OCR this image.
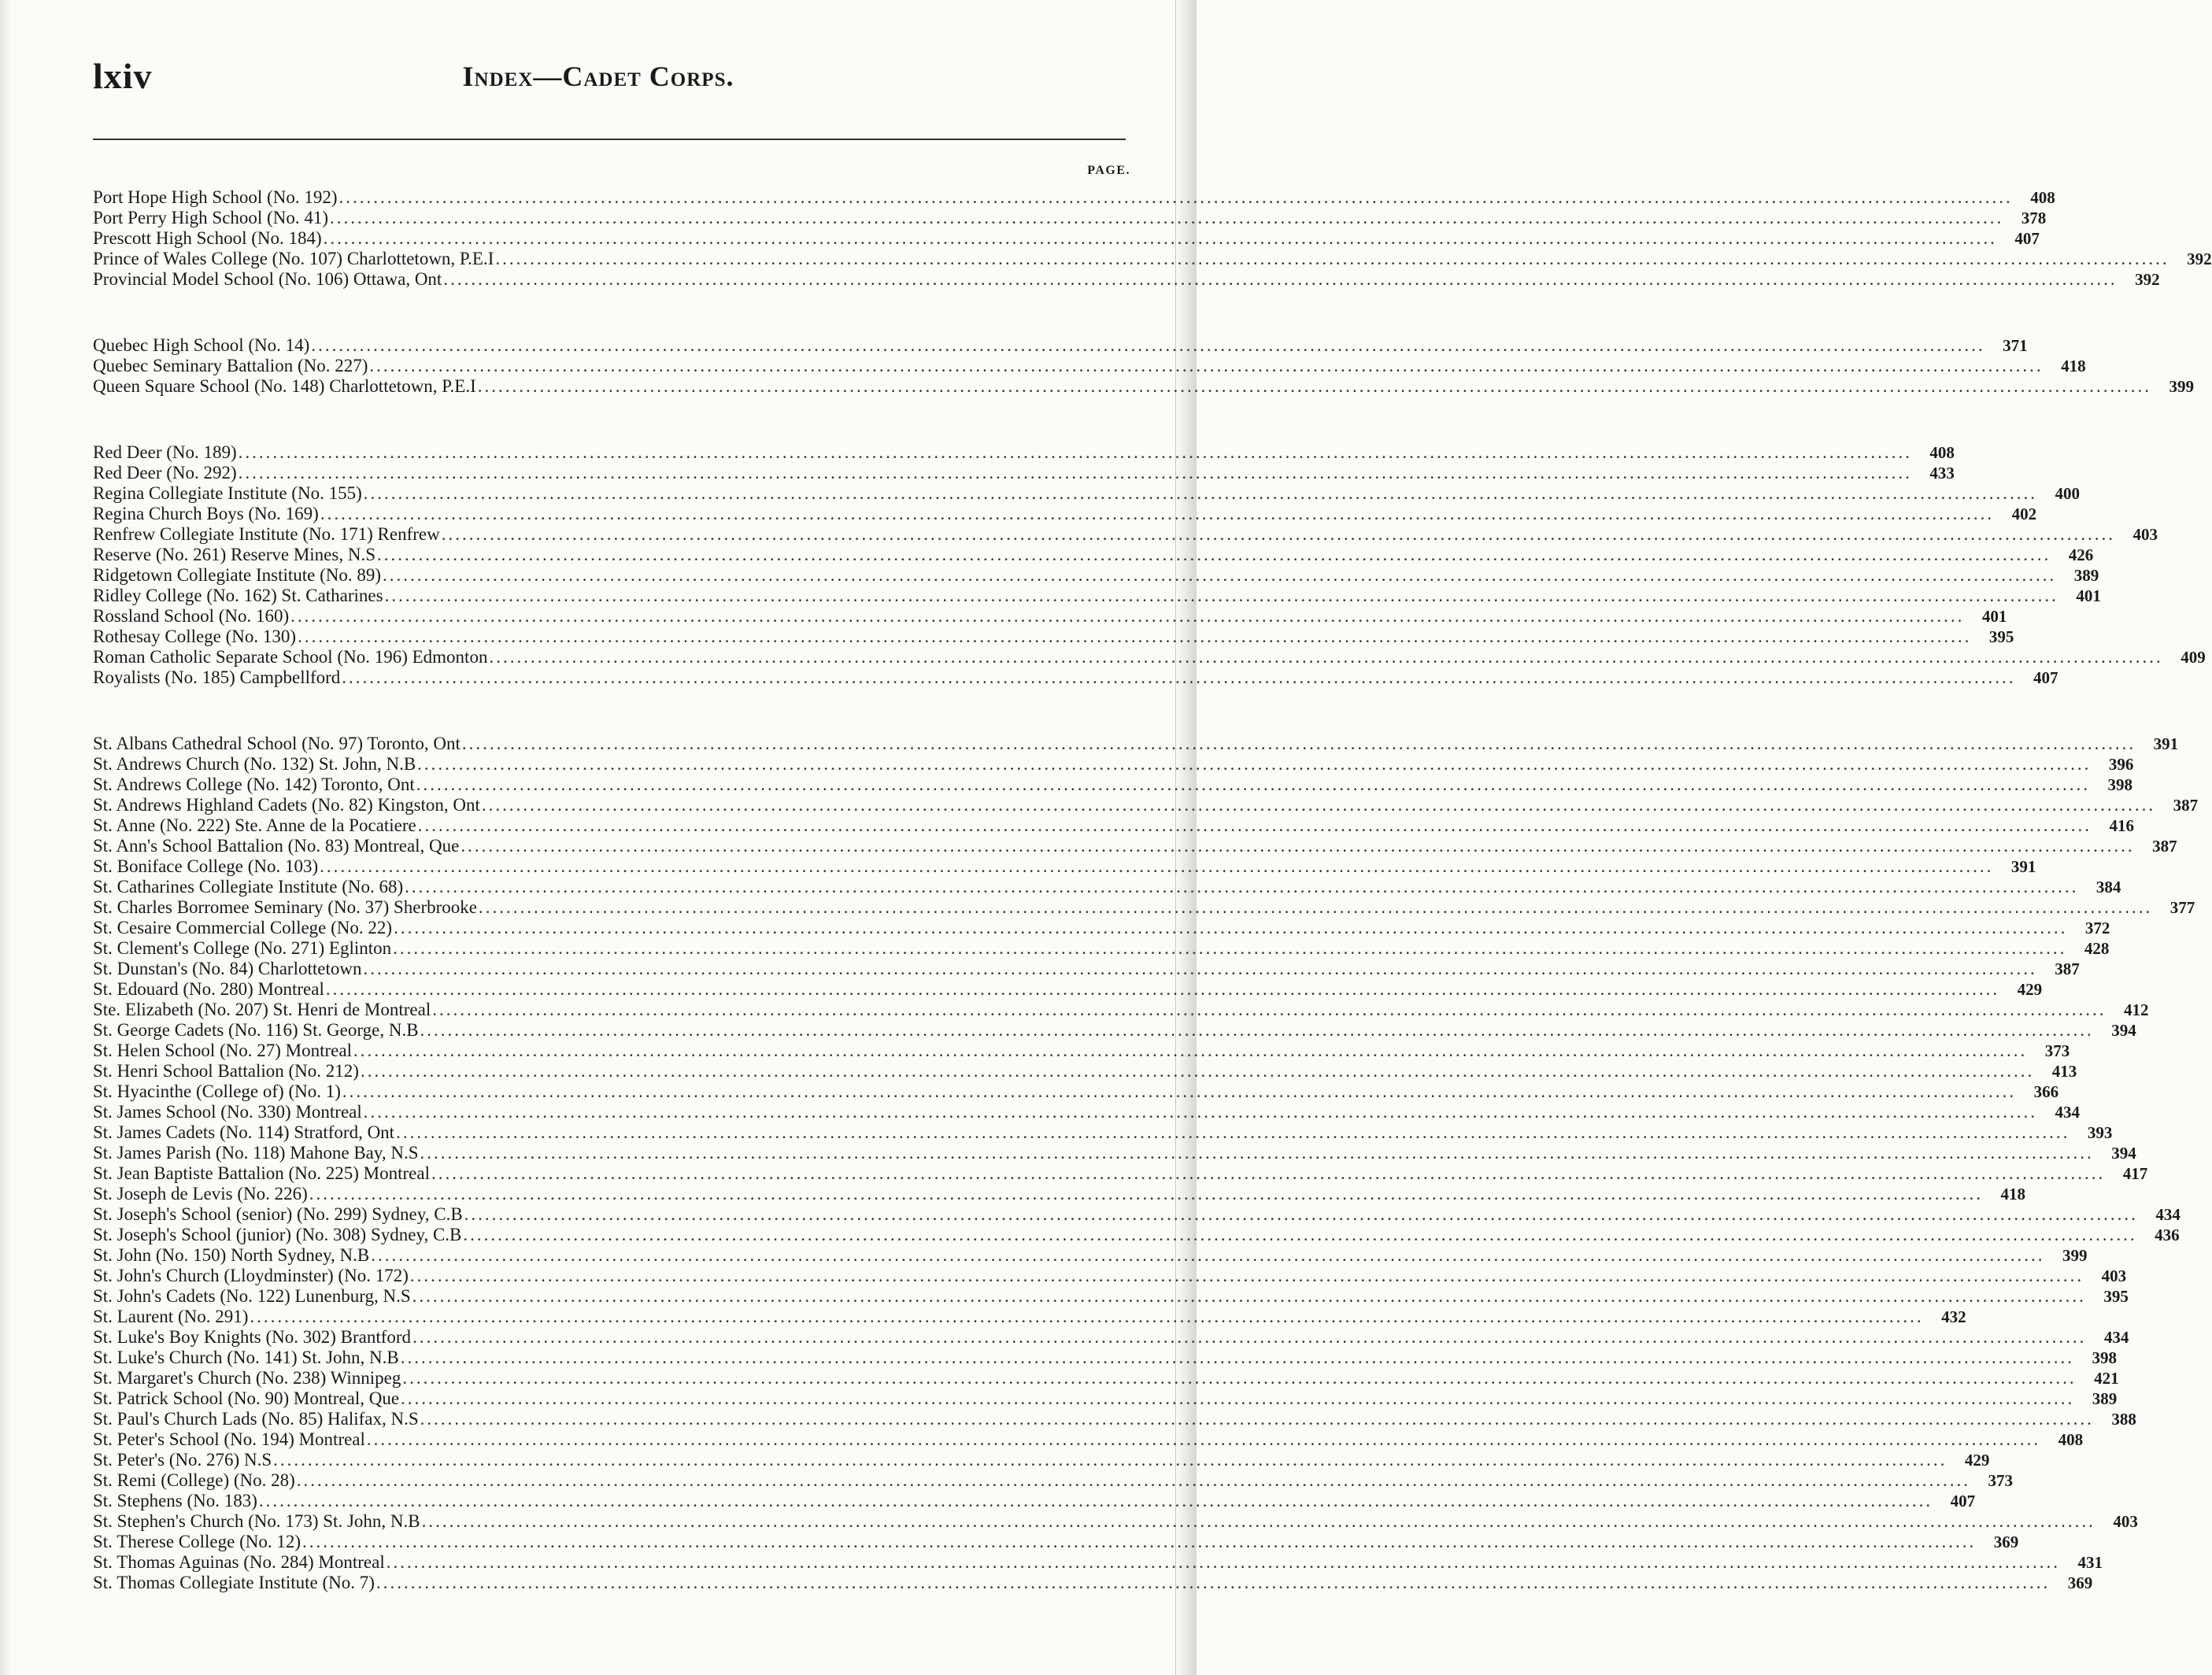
lxiv	Index—Cadet Corps.
PAGE.
Port Hope High School (No. 192) .....	408
Port Perry High School (No. 41) .....	378
Prescott High School (No. 184) .....	407
Prince of Wales College (No. 107) Charlottetown, P.E.I .....	392
Provincial Model School (No. 106) Ottawa, Ont .....	392
Quebec High School (No. 14) .....	371
Quebec Seminary Battalion (No. 227) .....	418
Queen Square School (No. 148) Charlottetown, P.E.I .....	399
Red Deer (No. 189) .....	408
Red Deer (No. 292) .....	433
Regina Collegiate Institute (No. 155) .....	400
Regina Church Boys (No. 169) .....	402
Renfrew Collegiate Institute (No. 171) Renfrew .....	403
Reserve (No. 261) Reserve Mines, N.S .....	426
Ridgetown Collegiate Institute (No. 89) .....	389
Ridley College (No. 162) St. Catharines .....	401
Rossland School (No. 160) .....	401
Rothesay College (No. 130) .....	395
Roman Catholic Separate School (No. 196) Edmonton .....	409
Royalists (No. 185) Campbellford .....	407
St. Albans Cathedral School (No. 97) Toronto, Ont .....	391
St. Andrews Church (No. 132) St. John, N.B .....	396
St. Andrews College (No. 142) Toronto, Ont .....	398
St. Andrews Highland Cadets (No. 82) Kingston, Ont .....	387
St. Anne (No. 222) Ste. Anne de la Pocatiere .....	416
St. Ann's School Battalion (No. 83) Montreal, Que .....	387
St. Boniface College (No. 103) .....	391
St. Catharines Collegiate Institute (No. 68) .....	384
St. Charles Borromee Seminary (No. 37) Sherbrooke .....	377
St. Cesaire Commercial College (No. 22) .....	372
St. Clement's College (No. 271) Eglinton .....	428
St. Dunstan's (No. 84) Charlottetown .....	387
St. Edouard (No. 280) Montreal .....	429
Ste. Elizabeth (No. 207) St. Henri de Montreal .....	412
St. George Cadets (No. 116) St. George, N.B .....	394
St. Helen School (No. 27) Montreal .....	373
St. Henri School Battalion (No. 212) .....	413
St. Hyacinthe (College of) (No. 1) .....	366
St. James School (No. 330) Montreal .....	434
St. James Cadets (No. 114) Stratford, Ont .....	393
St. James Parish (No. 118) Mahone Bay, N.S .....	394
St. Jean Baptiste Battalion (No. 225) Montreal .....	417
St. Joseph de Levis (No. 226) .....	418
St. Joseph's School (senior) (No. 299) Sydney, C.B .....	434
St. Joseph's School (junior) (No. 308) Sydney, C.B .....	436
St. John (No. 150) North Sydney, N.B .....	399
St. John's Church (Lloydminster) (No. 172) .....	403
St. John's Cadets (No. 122) Lunenburg, N.S .....	395
St. Laurent (No. 291) .....	432
St. Luke's Boy Knights (No. 302) Brantford .....	434
St. Luke's Church (No. 141) St. John, N.B .....	398
St. Margaret's Church (No. 238) Winnipeg .....	421
St. Patrick School (No. 90) Montreal, Que .....	389
St. Paul's Church Lads (No. 85) Halifax, N.S .....	388
St. Peter's School (No. 194) Montreal .....	408
St. Peter's (No. 276) N.S .....	429
St. Remi (College) (No. 28) .....	373
St. Stephens (No. 183) .....	407
St. Stephen's Church (No. 173) St. John, N.B .....	403
St. Therese College (No. 12) .....	369
St. Thomas Aguinas (No. 284) Montreal .....	431
St. Thomas Collegiate Institute (No. 7) .....	369
